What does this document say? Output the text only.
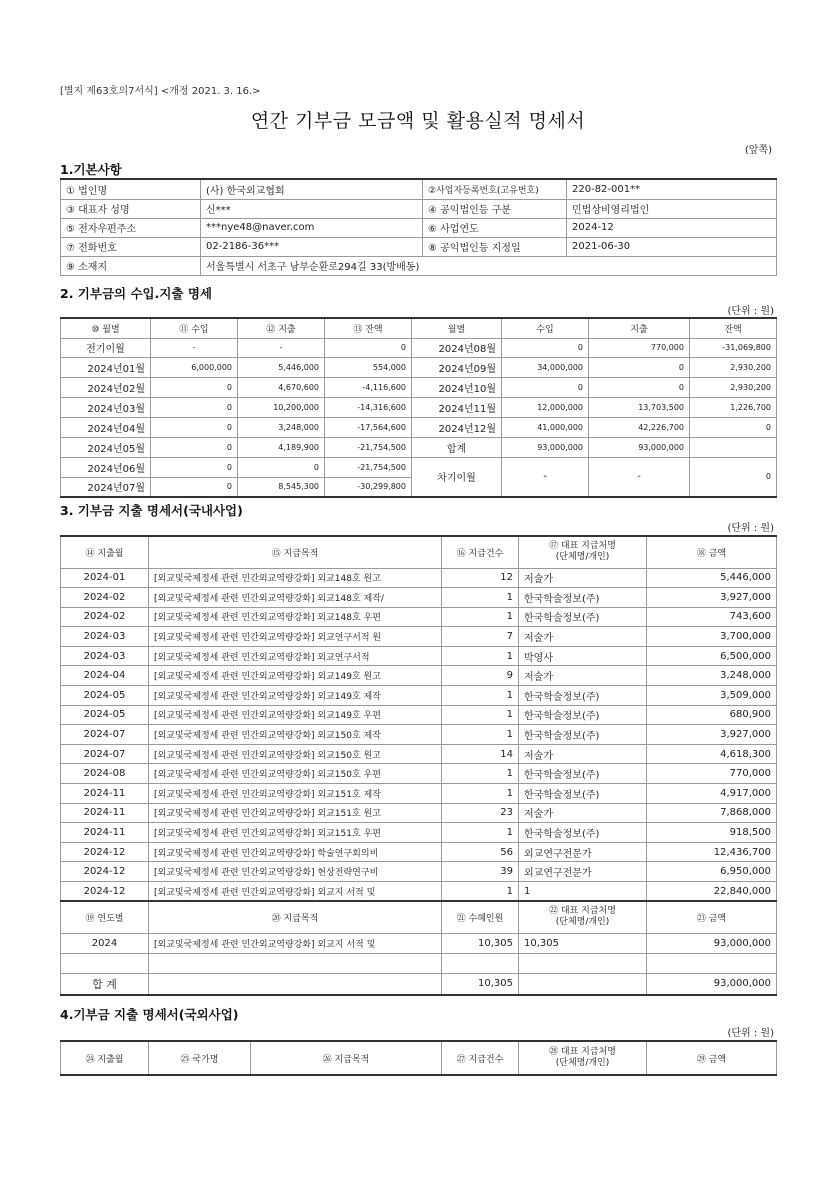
[별지 제63호의7서식] <개정 2021. 3. 16.>
연간 기부금 모금액 및 활용실적 명세서
(앞쪽)
1.기본사항
① 법인명	(사) 한국외교협회	②사업자등록번호(고유번호)	220-82-001**
③ 대표자 성명	신***	④ 공익법인등 구분	민법상비영리법인
⑤ 전자우편주소	***nye48@naver.com	⑥ 사업연도	2024-12
⑦ 전화번호	02-2186-36***	⑧ 공익법인등 지정일	2021-06-30
⑨ 소재지	서울특별시 서초구 남부순환로294길 33(방배동)		
2. 기부금의 수입.지출 명세
(단위 : 원)
⑩ 월별	⑪ 수입	⑫ 지출	⑬ 잔액	월별	수입	지출	잔액
전기이월	-	-	0	2024년08월	0	770,000	-31,069,800
2024년01월	6,000,000	5,446,000	554,000	2024년09월	34,000,000	0	2,930,200
2024년02월	0	4,670,600	-4,116,600	2024년10월	0	0	2,930,200
2024년03월	0	10,200,000	-14,316,600	2024년11월	12,000,000	13,703,500	1,226,700
2024년04월	0	3,248,000	-17,564,600	2024년12월	41,000,000	42,226,700	0
2024년05월	0	4,189,900	-21,754,500	합계	93,000,000	93,000,000	
2024년06월	0	0	-21,754,500	차기이월	-	-	0
2024년07월	0	8,545,300	-30,299,800				
3. 기부금 지출 명세서(국내사업)
(단위 : 원)
⑭ 지출월	⑮ 지급목적	⑯ 지급건수	⑰ 대표 지급처명
(단체명/개인)	⑱ 금액
2024-01	[외교및국제정세 관련 민간외교역량강화] 외교148호 원고	12	저술가	5,446,000
2024-02	[외교및국제정세 관련 민간외교역량강화] 외교148호 제작/	1	한국학술정보(주)	3,927,000
2024-02	[외교및국제정세 관련 민간외교역량강화] 외교148호 우편	1	한국학술정보(주)	743,600
2024-03	[외교및국제정세 관련 민간외교역량강화] 외교연구서적 원	7	저술가	3,700,000
2024-03	[외교및국제정세 관련 민간외교역량강화] 외교연구서적	1	박영사	6,500,000
2024-04	[외교및국제정세 관련 민간외교역량강화] 외교149호 원고	9	저술가	3,248,000
2024-05	[외교및국제정세 관련 민간외교역량강화] 외교149호 제작	1	한국학술정보(주)	3,509,000
2024-05	[외교및국제정세 관련 민간외교역량강화] 외교149호 우편	1	한국학술정보(주)	680,900
2024-07	[외교및국제정세 관련 민간외교역량강화] 외교150호 제작	1	한국학술정보(주)	3,927,000
2024-07	[외교및국제정세 관련 민간외교역량강화] 외교150호 원고	14	저술가	4,618,300
2024-08	[외교및국제정세 관련 민간외교역량강화] 외교150호 우편	1	한국학술정보(주)	770,000
2024-11	[외교및국제정세 관련 민간외교역량강화] 외교151호 제작	1	한국학술정보(주)	4,917,000
2024-11	[외교및국제정세 관련 민간외교역량강화] 외교151호 원고	23	저술가	7,868,000
2024-11	[외교및국제정세 관련 민간외교역량강화] 외교151호 우편	1	한국학술정보(주)	918,500
2024-12	[외교및국제정세 관련 민간외교역량강화] 학술연구회의비	56	외교연구전문가	12,436,700
2024-12	[외교및국제정세 관련 민간외교역량강화] 현상전략연구비	39	외교연구전문가	6,950,000
2024-12	[외교및국제정세 관련 민간외교역량강화] 외교지 서적 및	1	1	22,840,000
⑲ 연도별	⑳ 지급목적	㉑ 수혜인원	㉒ 대표 지급처명
(단체명/개인)	㉓ 금액
2024	[외교및국제정세 관련 민간외교역량강화] 외교지 서적 및	10,305	10,305	93,000,000

합 계		10,305		93,000,000
4.기부금 지출 명세서(국외사업)
(단위 : 원)
㉔ 지출월	㉕ 국가명	㉖ 지급목적	㉗ 지급건수	
㉘ 대표 지급처명
(단체명/개인)	㉙ 금액
